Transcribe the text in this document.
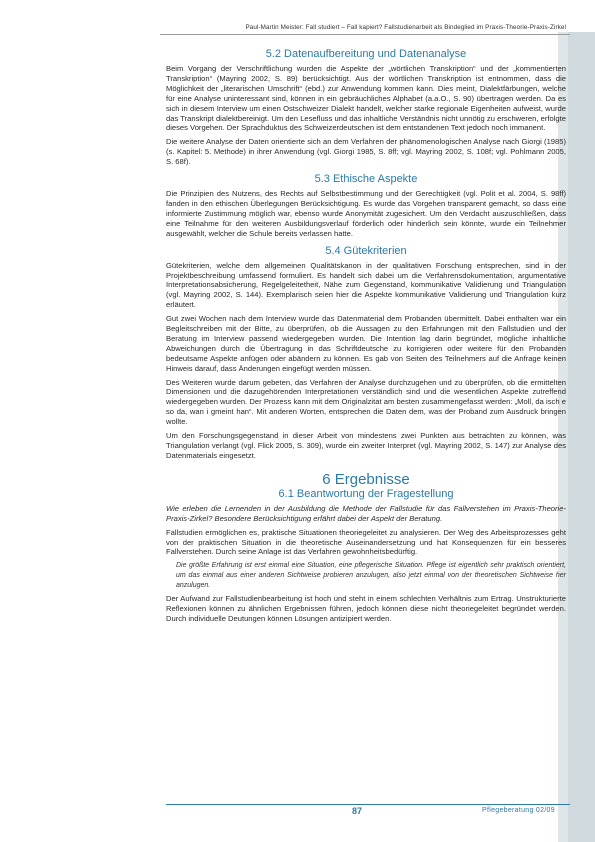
Paul-Martin Meister: Fall studiert – Fall kapiert? Fallstudienarbeit als Bindeglied im Praxis-Theorie-Praxis-Zirkel
5.2 Datenaufbereitung und Datenanalyse

Beim Vorgang der Verschriftlichung wurden die Aspekte der „wörtlichen Transkription“ und der „kommentierten Transkription“ (Mayring 2002, S. 89) berücksichtigt. Aus der wörtlichen Transkription ist entnommen, dass die Möglichkeit der „literarischen Umschrift“ (ebd.) zur Anwendung kommen kann. Dies meint, Dialektfärbungen, welche für eine Analyse uninteressant sind, können in ein gebräuchliches Alphabet (a.a.O., S. 90) übertragen werden. Da es sich in diesem Interview um einen Ostschweizer Dialekt handelt, welcher starke regionale Eigenheiten aufweist, wurde das Transkript dialektbereinigt. Um den Lesefluss und das inhaltliche Verständnis nicht unnötig zu erschweren, erfolgte dieses Vorgehen. Der Sprachduktus des Schweizerdeutschen ist dem entstandenen Text jedoch noch immanent.

Die weitere Analyse der Daten orientierte sich an dem Verfahren der phänomenologischen Analyse nach Giorgi (1985) (s. Kapitel: 5. Methode) in ihrer Anwendung (vgl. Giorgi 1985, S. 8ff; vgl. Mayring 2002, S. 108f; vgl. Pohlmann 2005, S. 68f).

5.3 Ethische Aspekte

Die Prinzipien des Nutzens, des Rechts auf Selbstbestimmung und der Gerechtigkeit (vgl. Polit et al. 2004, S. 98ff) fanden in den ethischen Überlegungen Berücksichtigung. Es wurde das Vorgehen transparent gemacht, so dass eine informierte Zustimmung möglich war, ebenso wurde Anonymität zugesichert. Um den Verdacht auszuschließen, dass eine Teilnahme für den weiteren Ausbildungsverlauf förderlich oder hinderlich sein könnte, wurde ein Teilnehmer ausgewählt, welcher die Schule bereits verlassen hatte.

5.4 Gütekriterien

Gütekriterien, welche dem allgemeinen Qualitätskanon in der qualitativen Forschung entsprechen, sind in der Projektbeschreibung umfassend formuliert. Es handelt sich dabei um die Verfahrensdokumentation, argumentative Interpretationsabsicherung, Regelgeleitetheit, Nähe zum Gegenstand, kommunikative Validierung und Triangulation (vgl. Mayring 2002, S. 144). Exemplarisch seien hier die Aspekte kommunikative Validierung und Triangulation kurz erläutert.

Gut zwei Wochen nach dem Interview wurde das Datenmaterial dem Probanden übermittelt. Dabei enthalten war ein Begleitschreiben mit der Bitte, zu überprüfen, ob die Aussagen zu den Erfahrungen mit den Fallstudien und der Beratung im Interview passend wiedergegeben wurden. Die Intention lag darin begründet, mögliche inhaltliche Abweichungen durch die Übertragung in das Schriftdeutsche zu korrigieren oder weitere für den Probanden bedeutsame Aspekte anfügen oder abändern zu können. Es gab von Seiten des Teilnehmers auf die Anfrage keinen Hinweis darauf, dass Änderungen eingefügt werden müssen.

Des Weiteren wurde darum gebeten, das Verfahren der Analyse durchzugehen und zu überprüfen, ob die ermittelten Dimensionen und die dazugehörenden Interpretationen verständlich sind und die wesentlichen Aspekte zutreffend wiedergegeben wurden. Der Prozess kann mit dem Originalzitat am besten zusammengefasst werden: „Moll, da isch e so da, wan i gmeint han“. Mit anderen Worten, entsprechen die Daten dem, was der Proband zum Ausdruck bringen wollte.

Um den Forschungsgegenstand in dieser Arbeit von mindestens zwei Punkten aus betrachten zu können, was Triangulation verlangt (vgl. Flick 2005, S. 309), wurde ein zweiter Interpret (vgl. Mayring 2002, S. 147) zur Analyse des Datenmaterials eingesetzt.

6 Ergebnisse
6.1 Beantwortung der Fragestellung

Wie erleben die Lernenden in der Ausbildung die Methode der Fallstudie für das Fallverstehen im Praxis-Theorie-Praxis-Zirkel? Besondere Berücksichtigung erfährt dabei der Aspekt der Beratung.

Fallstudien ermöglichen es, praktische Situationen theoriegeleitet zu analysieren. Der Weg des Arbeitsprozesses geht von der praktischen Situation in die theoretische Auseinandersetzung und hat Konsequenzen für ein besseres Fallverstehen. Durch seine Anlage ist das Verfahren gewohnheitsbedürftig.

Die größte Erfahrung ist erst einmal eine Situation, eine pflegerische Situation. Pflege ist eigentlich sehr praktisch orientiert, um das einmal aus einer anderen Sichtweise probieren anzulugen, also jetzt einmal von der theoretischen Sichtweise her anzulugen.

Der Aufwand zur Fallstudienbearbeitung ist hoch und steht in einem schlechten Verhältnis zum Ertrag. Unstrukturierte Reflexionen können zu ähnlichen Ergebnissen führen, jedoch können diese nicht theoriegeleitet begründet werden. Durch individuelle Deutungen können Lösungen antizipiert werden.

87	Pflegeberatung 02/09
